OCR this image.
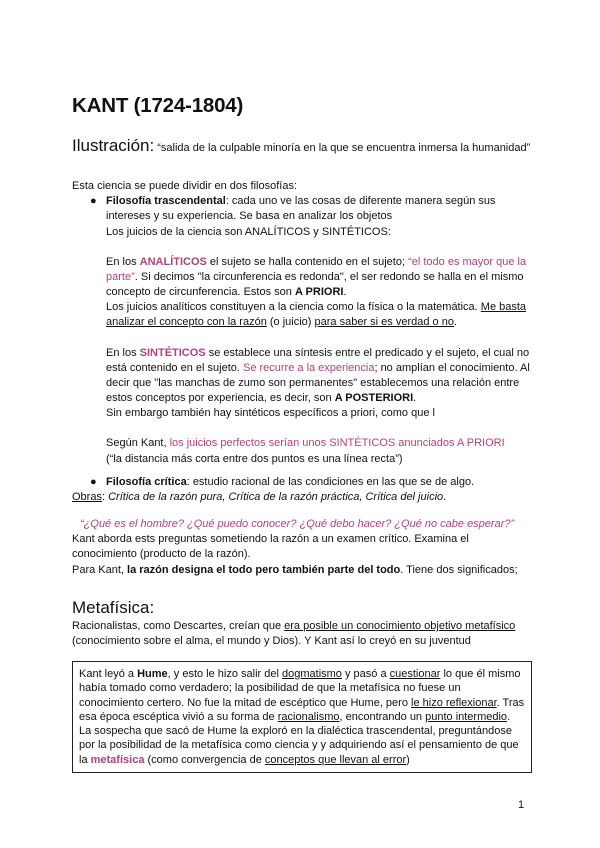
KANT (1724-1804)
Ilustración: “salida de la culpable minoría en la que se encuentra inmersa la humanidad”

Esta ciencia se puede dividir en dos filosofías:

● Filosofía trascendental: cada uno ve las cosas de diferente manera según sus intereses y su experiencia. Se basa en analizar los objetos
Los juicios de la ciencia son ANALÍTICOS y SINTÉTICOS:
En los ANALÍTICOS el sujeto se halla contenido en el sujeto; “el todo es mayor que la parte”. Si decimos "la circunferencia es redonda", el ser redondo se halla en el mismo concepto de circunferencia. Estos son A PRIORI.
Los juicios analíticos constituyen a la ciencia como la física o la matemática. Me basta analizar el concepto con la razón (o juicio) para saber si es verdad o no.
En los SINTÉTICOS se establece una síntesis entre el predicado y el sujeto, el cual no está contenido en el sujeto. Se recurre a la experiencia; no amplían el conocimiento. Al decir que "las manchas de zumo son permanentes" establecemos una relación entre estos conceptos por experiencia, es decir, son A POSTERIORI.
Sin embargo también hay sintéticos específicos a priori, como que l
Según Kant, los juicios perfectos serían unos SINTÉTICOS anunciados A PRIORI
(“la distancia más corta entre dos puntos es una línea recta”)
● Filosofía crítica: estudio racional de las condiciones en las que se de algo.

Obras: Crítica de la razón pura, Crítica de la razón práctica, Crítica del juicio.

“¿Qué es el hombre? ¿Qué puedo conocer? ¿Qué debo hacer? ¿Qué no cabe esperar?”

Kant aborda ests preguntas sometiendo la razón a un examen crítico. Examina el conocimiento (producto de la razón).

Para Kant, la razón designa el todo pero también parte del todo. Tiene dos significados;

Metafísica:
Racionalistas, como Descartes, creían que era posible un conocimiento objetivo metafísico (conocimiento sobre el alma, el mundo y Dios). Y Kant así lo creyó en su juventud
Kant leyó a Hume, y esto le hizo salir del dogmatismo y pasó a cuestionar lo que él mismo había tomado como verdadero; la posibilidad de que la metafísica no fuese un conocimiento certero. No fue la mitad de escéptico que Hume, pero le hizo reflexionar. Tras esa época escéptica vivió a su forma de racionalismo, encontrando un punto intermedio. La sospecha que sacó de Hume la exploró en la dialéctica trascendental, preguntándose por la posibilidad de la metafísica como ciencia y y adquiriendo así el pensamiento de que la metafísica (como convergencia de conceptos que llevan al error)
1
